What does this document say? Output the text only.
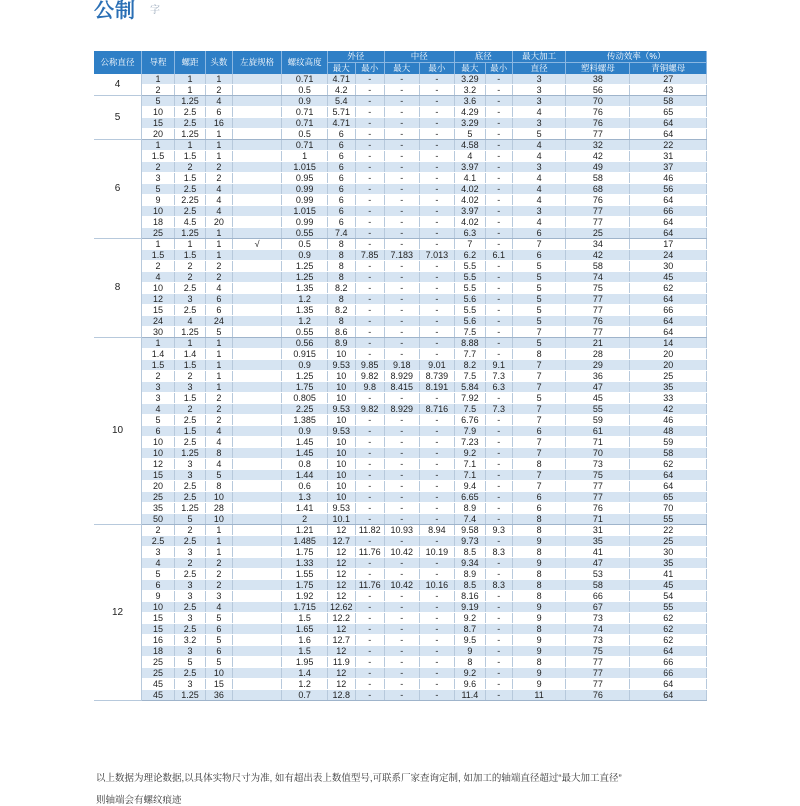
公制 字
公称直径	导程	螺距	头数	左旋规格	螺纹高度	外径		中径		底径		最大加工	传动效率（%）	
						最大	最小	最大	最小	最大	最小	直径	塑料螺母	青铜螺母
4	1	1	1		0.71	4.71	-	-	-	3.29	-	3	38	27
	2	1	2		0.5	4.2	-	-	-	3.2	-	3	56	43
5	5	1.25	4		0.9	5.4	-	-	-	3.6	-	3	70	58
	10	2.5	6		0.71	5.71	-	-	-	4.29	-	4	76	65
	15	2.5	16		0.71	4.71	-	-	-	3.29	-	3	76	64
	20	1.25	1		0.5	6	-	-	-	5	-	5	77	64
6	1	1	1		0.71	6	-	-	-	4.58	-	4	32	22
	1.5	1.5	1		1	6	-	-	-	4	-	4	42	31
	2	2	2		1.015	6	-	-	-	3.97	-	3	49	37
	3	1.5	2		0.95	6	-	-	-	4.1	-	4	58	46
	5	2.5	4		0.99	6	-	-	-	4.02	-	4	68	56
	9	2.25	4		0.99	6	-	-	-	4.02	-	4	76	64
	10	2.5	4		1.015	6	-	-	-	3.97	-	3	77	66
	18	4.5	20		0.99	6	-	-	-	4.02	-	4	77	64
	25	1.25	1		0.55	7.4	-	-	-	6.3	-	6	25	64
8	1	1	1	√	0.5	8	-	-	-	7	-	7	34	17
	1.5	1.5	1		0.9	8	7.85	7.183	7.013	6.2	6.1	6	42	24
	2	2	2		1.25	8	-	-	-	5.5	-	5	58	30
	4	2	2		1.25	8	-	-	-	5.5	-	5	74	45
	10	2.5	4		1.35	8.2	-	-	-	5.5	-	5	75	62
	12	3	6		1.2	8	-	-	-	5.6	-	5	77	64
	15	2.5	6		1.35	8.2	-	-	-	5.5	-	5	77	66
	24	4	24		1.2	8	-	-	-	5.6	-	5	76	64
	30	1.25	5		0.55	8.6	-	-	-	7.5	-	7	77	64
10	1	1	1		0.56	8.9	-	-	-	8.88	-	5	21	14
	1.4	1.4	1		0.915	10	-	-	-	7.7	-	8	28	20
	1.5	1.5	1		0.9	9.53	9.85	9.18	9.01	8.2	9.1	7	29	20
	2	2	1		1.25	10	9.82	8.929	8.739	7.5	7.3	7	36	25
	3	3	1		1.75	10	9.8	8.415	8.191	5.84	6.3	7	47	35
	3	1.5	2		0.805	10	-	-	-	7.92	-	5	45	33
	4	2	2		2.25	9.53	9.82	8.929	8.716	7.5	7.3	7	55	42
	5	2.5	2		1.385	10	-	-	-	6.76	-	7	59	46
	6	1.5	4		0.9	9.53	-	-	-	7.9	-	6	61	48
	10	2.5	4		1.45	10	-	-	-	7.23	-	7	71	59
	10	1.25	8		1.45	10	-	-	-	9.2	-	7	70	58
	12	3	4		0.8	10	-	-	-	7.1	-	8	73	62
	15	3	5		1.44	10	-	-	-	7.1	-	7	75	64
	20	2.5	8		0.6	10	-	-	-	9.4	-	7	77	64
	25	2.5	10		1.3	10	-	-	-	6.65	-	6	77	65
	35	1.25	28		1.41	9.53	-	-	-	8.9	-	6	76	70
	50	5	10		2	10.1	-	-	-	7.4	-	8	71	55
12	2	2	1		1.21	12	11.82	10.93	8.94	9.58	9.3	8	31	22
	2.5	2.5	1		1.485	12.7	-	-	-	9.73	-	9	35	25
	3	3	1		1.75	12	11.76	10.42	10.19	8.5	8.3	8	41	30
	4	2	2		1.33	12	-	-	-	9.34	-	9	47	35
	5	2.5	2		1.55	12	-	-	-	8.9	-	8	53	41
	6	3	2		1.75	12	11.76	10.42	10.16	8.5	8.3	8	58	45
	9	3	3		1.92	12	-	-	-	8.16	-	8	66	54
	10	2.5	4		1.715	12.62	-	-	-	9.19	-	9	67	55
	15	3	5		1.5	12.2	-	-	-	9.2	-	9	73	62
	15	2.5	6		1.65	12	-	-	-	8.7	-	8	74	62
	16	3.2	5		1.6	12.7	-	-	-	9.5	-	9	73	62
	18	3	6		1.5	12	-	-	-	9	-	9	75	64
	25	5	5		1.95	11.9	-	-	-	8	-	8	77	66
	25	2.5	10		1.4	12	-	-	-	9.2	-	9	77	66
	45	3	15		1.2	12	-	-	-	9.6	-	9	77	64
	45	1.25	36		0.7	12.8	-	-	-	11.4	-	11	76	64
以上数据为理论数据,以具体实物尺寸为准, 如有超出表上数值型号,可联系厂家查询定制, 如加工的轴端直径超过“最大加工直径”
则轴端会有螺纹痕迹
